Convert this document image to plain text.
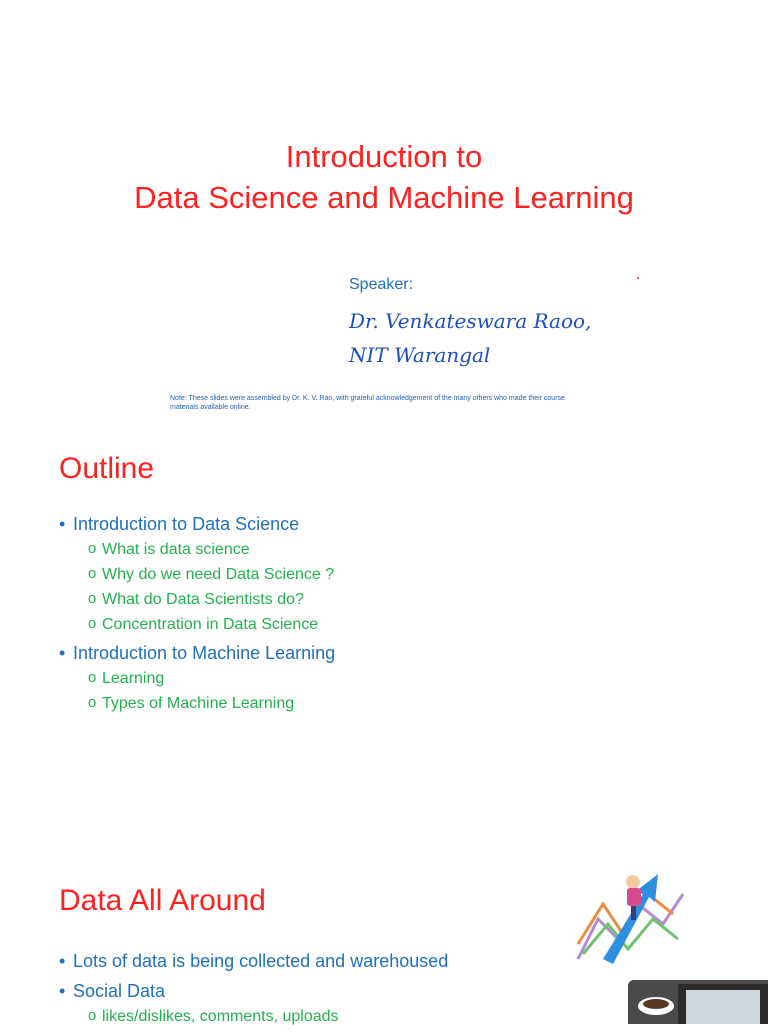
Introduction to
Data Science and Machine Learning
Speaker:
Dr. Venkateswara Raoo,
NIT Warangal
Note: These slides were assembled by Dr. K. V. Rao, with grateful acknowledgement of the many others who made their course materials available online.
Outline
• Introduction to Data Science
o What is data science
o Why do we need Data Science ?
o What do Data Scientists do?
o Concentration in Data Science
• Introduction to Machine Learning
o Learning
o Types of Machine Learning
Data All Around
• Lots of data is being collected and warehoused
• Social Data
o likes/dislikes, comments, uploads
